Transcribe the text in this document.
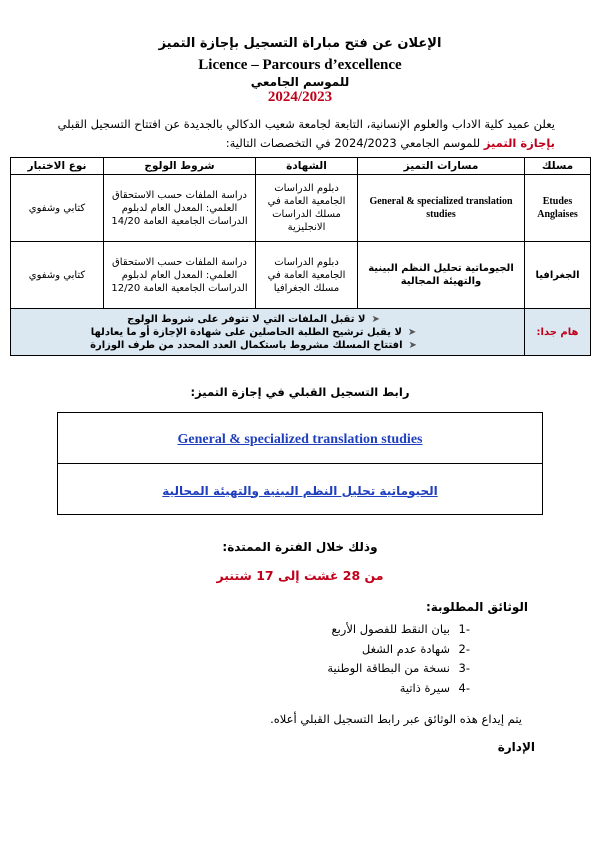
الإعلان عن فتح مباراة التسجيل بإجازة التميز
Licence – Parcours d’excellence
للموسم الجامعي
2024/2023
يعلن عميد كلية الاداب والعلوم الإنسانية، التابعة لجامعة شعيب الدكالي بالجديدة عن افتتاح التسجيل القبلي بإجازة التميز للموسم الجامعي 2024/2023 في التخصصات التالية:
مسلك	مسارات التميز	الشهادة	شروط الولوج	نوع الاختبار
Etudes Anglaises	General & specialized translation studies	دبلوم الدراسات الجامعية العامة في مسلك الدراسات الانجليزية	دراسة الملفات حسب الاستحقاق العلمي: المعدل العام لدبلوم الدراسات الجامعية العامة 14/20	كتابي وشفوي
الجغرافيا	الجيوماتية تحليل النظم البينية والتهيئة المجالية	دبلوم الدراسات الجامعية العامة في مسلك الجغرافيا	دراسة الملفات حسب الاستحقاق العلمي: المعدل العام لدبلوم الدراسات الجامعية العامة 12/20	كتابي وشفوي
هام جدا:	➤لا تقبل الملفات التي لا تتوفر على شروط الولوج
➤لا يقبل ترشيح الطلبة الحاصلين على شهادة الإجازة أو ما يعادلها
➤افتتاح المسلك مشروط باستكمال العدد المحدد من طرف الوزارة			
رابط التسجيل القبلي في إجازة التميز:
General & specialized translation studies
الجيوماتية تحليل النظم البينية والتهيئة المجالية
وذلك خلال الفترة الممتدة:
من 28 غشت إلى 17 شتنبر
الوثائق المطلوبة:
-1بيان النقط للفصول الأربع
-2شهادة عدم الشغل
-3نسخة من البطاقة الوطنية
-4سيرة ذاتية
يتم إيداع هذه الوثائق عبر رابط التسجيل القبلي أعلاه.
الإدارة
